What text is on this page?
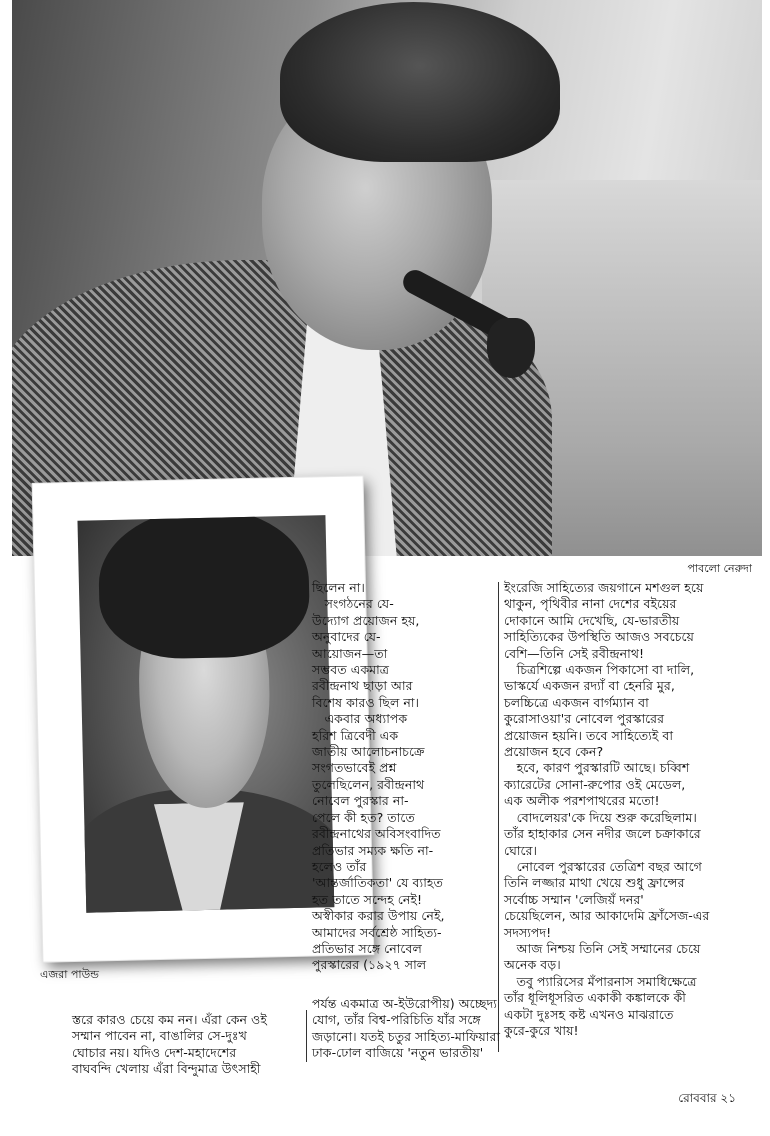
পাবলো নেরুদা
এজরা পাউন্ড
ছিলেন না।
সংগঠনের যে-
উদ্যোগ প্রয়োজন হয়,
অনুবাদের যে-
আয়োজন—তা
সম্ভবত একমাত্র
রবীন্দ্রনাথ ছাড়া আর
বিশেষ কারও ছিল না।
একবার অধ্যাপক
হরিশ ত্রিবেদী এক
জাতীয় আলোচনাচক্রে
সংগতভাবেই প্রশ্ন
তুলেছিলেন, রবীন্দ্রনাথ
নোবেল পুরস্কার না-
পেলে কী হত? তাতে
রবীন্দ্রনাথের অবিসংবাদিত
প্রতিভার সম্যক ক্ষতি না-
হলেও তাঁর
'আন্তর্জাতিকতা' যে ব্যাহত
হত তাতে সন্দেহ নেই!
অস্বীকার করার উপায় নেই,
আমাদের সর্বশ্রেষ্ঠ সাহিত্য-
প্রতিভার সঙ্গে নোবেল
পুরস্কারের (১৯২৭ সাল
ইংরেজি সাহিত্যের জয়গানে মশগুল হয়ে
থাকুন, পৃথিবীর নানা দেশের বইয়ের
দোকানে আমি দেখেছি, যে-ভারতীয়
সাহিত্যিকের উপস্থিতি আজও সবচেয়ে
বেশি—তিনি সেই রবীন্দ্রনাথ!
চিত্রশিল্পে একজন পিকাসো বা দালি,
ভাস্কর্যে একজন রদ্যাঁ বা হেনরি মুর,
চলচ্চিত্রে একজন বার্গম্যান বা
কুরোসাওয়া'র নোবেল পুরস্কারের
প্রয়োজন হয়নি। তবে সাহিত্যেই বা
প্রয়োজন হবে কেন?
হবে, কারণ পুরস্কারটি আছে। চব্বিশ
ক্যারেটের সোনা-রুপোর ওই মেডেল,
এক অলীক পরশপাথরের মতো!
বোদলেয়র'কে দিয়ে শুরু করেছিলাম।
তাঁর হাহাকার সেন নদীর জলে চক্রাকারে
ঘোরে।
নোবেল পুরস্কারের তেত্রিশ বছর আগে
তিনি লজ্জার মাথা খেয়ে শুধু ফ্রান্সের
সর্বোচ্চ সম্মান 'লেজিয়ঁ দনর'
চেয়েছিলেন, আর আকাদেমি ফ্রাঁসেজ-এর
সদস্যপদ!
আজ নিশ্চয় তিনি সেই সম্মানের চেয়ে
অনেক বড়।
তবু প্যারিসের মঁপারনাস সমাধিক্ষেত্রে
তাঁর ধূলিধূসরিত একাকী কঙ্কালকে কী
একটা দুঃসহ কষ্ট এখনও মাঝরাতে
কুরে-কুরে খায়!
স্তরে কারও চেয়ে কম নন। এঁরা কেন ওই
সম্মান পাবেন না, বাঙালির সে-দুঃখ
ঘোচার নয়। যদিও দেশ-মহাদেশের
বাঘবন্দি খেলায় এঁরা বিন্দুমাত্র উৎসাহী
পর্যন্ত একমাত্র অ-ইউরোপীয়) অচ্ছেদ্য
যোগ, তাঁর বিশ্ব-পরিচিতি যাঁর সঙ্গে
জড়ানো। যতই চতুর সাহিত্য-মাফিয়ারা
ঢাক-ঢোল বাজিয়ে 'নতুন ভারতীয়'
রোববার ২১
